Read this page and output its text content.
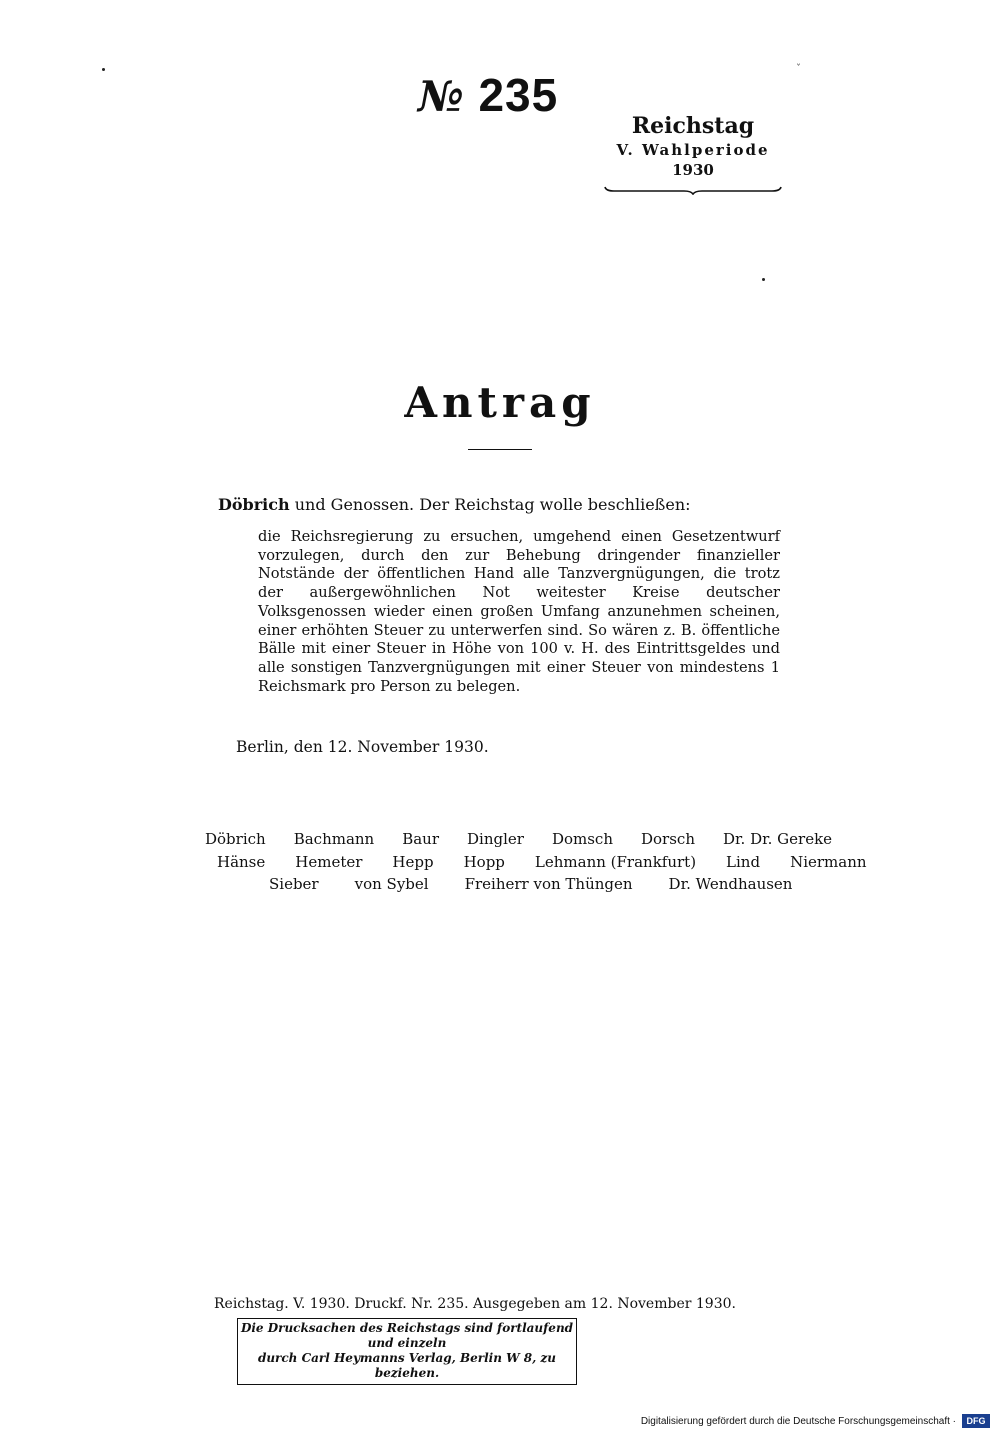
ˇ
№ 235
Reichstag
V. Wahlperiode
1930
Antrag
Döbrich und Genossen. Der Reichstag wolle beschließen:
die Reichsregierung zu ersuchen, umgehend einen Gesetzentwurf vorzulegen, durch den zur Behebung dringender finanzieller Notstände der öffentlichen Hand alle Tanzvergnügungen, die trotz der außergewöhnlichen Not weitester Kreise deutscher Volksgenossen wieder einen großen Umfang anzunehmen scheinen, einer erhöhten Steuer zu unterwerfen sind. So wären z. B. öffentliche Bälle mit einer Steuer in Höhe von 100 v. H. des Eintrittsgeldes und alle sonstigen Tanzvergnügungen mit einer Steuer von mindestens 1 Reichsmark pro Person zu belegen.
Berlin, den 12. November 1930.
Döbrich Bachmann Baur Dingler Domsch Dorsch Dr. Dr. Gereke
Hänse Hemeter Hepp Hopp Lehmann (Frankfurt) Lind Niermann
Sieber von Sybel Freiherr von Thüngen Dr. Wendhausen
Reichstag. V. 1930. Druckf. Nr. 235. Ausgegeben am 12. November 1930.
Die Drucksachen des Reichstags sind fortlaufend und einzeln
durch Carl Heymanns Verlag, Berlin W 8, zu beziehen.
Digitalisierung gefördert durch die Deutsche Forschungsgemeinschaft ·	DFG
